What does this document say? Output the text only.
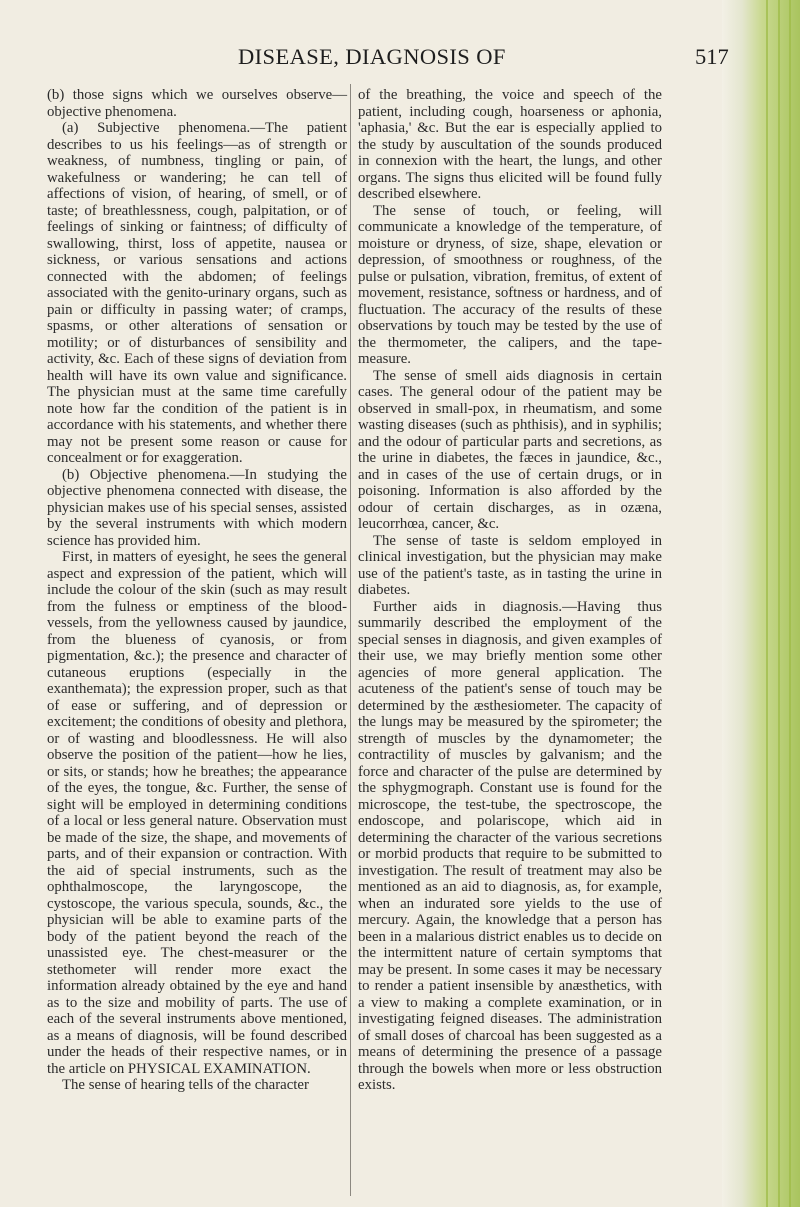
DISEASE, DIAGNOSIS OF	517

(b) those signs which we ourselves observe—objective phenomena.

(a) Subjective phenomena.—The patient describes to us his feelings—as of strength or weakness, of numbness, tingling or pain, of wakefulness or wandering; he can tell of affections of vision, of hearing, of smell, or of taste; of breathlessness, cough, palpitation, or of feelings of sinking or faintness; of difficulty of swallowing, thirst, loss of appetite, nausea or sickness, or various sensations and actions connected with the abdomen; of feelings associated with the genito-urinary organs, such as pain or difficulty in passing water; of cramps, spasms, or other alterations of sensation or motility; or of disturbances of sensibility and activity, &c. Each of these signs of deviation from health will have its own value and significance. The physician must at the same time carefully note how far the condition of the patient is in accordance with his statements, and whether there may not be present some reason or cause for concealment or for exaggeration.

(b) Objective phenomena.—In studying the objective phenomena connected with disease, the physician makes use of his special senses, assisted by the several instruments with which modern science has provided him.

First, in matters of eyesight, he sees the general aspect and expression of the patient, which will include the colour of the skin (such as may result from the fulness or emptiness of the blood-vessels, from the yellowness caused by jaundice, from the blueness of cyanosis, or from pigmentation, &c.); the presence and character of cutaneous eruptions (especially in the exanthemata); the expression proper, such as that of ease or suffering, and of depression or excitement; the conditions of obesity and plethora, or of wasting and bloodlessness. He will also observe the position of the patient—how he lies, or sits, or stands; how he breathes; the appearance of the eyes, the tongue, &c. Further, the sense of sight will be employed in determining conditions of a local or less general nature. Observation must be made of the size, the shape, and movements of parts, and of their expansion or contraction. With the aid of special instruments, such as the ophthalmoscope, the laryngoscope, the cystoscope, the various specula, sounds, &c., the physician will be able to examine parts of the body of the patient beyond the reach of the unassisted eye. The chest-measurer or the stethometer will render more exact the information already obtained by the eye and hand as to the size and mobility of parts. The use of each of the several instruments above mentioned, as a means of diagnosis, will be found described under the heads of their respective names, or in the article on PHYSICAL EXAMINATION.

The sense of hearing tells of the character

of the breathing, the voice and speech of the patient, including cough, hoarseness or aphonia, 'aphasia,' &c. But the ear is especially applied to the study by auscultation of the sounds produced in connexion with the heart, the lungs, and other organs. The signs thus elicited will be found fully described elsewhere.

The sense of touch, or feeling, will communicate a knowledge of the temperature, of moisture or dryness, of size, shape, elevation or depression, of smoothness or roughness, of the pulse or pulsation, vibration, fremitus, of extent of movement, resistance, softness or hardness, and of fluctuation. The accuracy of the results of these observations by touch may be tested by the use of the thermometer, the calipers, and the tape-measure.

The sense of smell aids diagnosis in certain cases. The general odour of the patient may be observed in small-pox, in rheumatism, and some wasting diseases (such as phthisis), and in syphilis; and the odour of particular parts and secretions, as the urine in diabetes, the fæces in jaundice, &c., and in cases of the use of certain drugs, or in poisoning. Information is also afforded by the odour of certain discharges, as in ozæna, leucorrhœa, cancer, &c.

The sense of taste is seldom employed in clinical investigation, but the physician may make use of the patient's taste, as in tasting the urine in diabetes.

Further aids in diagnosis.—Having thus summarily described the employment of the special senses in diagnosis, and given examples of their use, we may briefly mention some other agencies of more general application. The acuteness of the patient's sense of touch may be determined by the æsthesiometer. The capacity of the lungs may be measured by the spirometer; the strength of muscles by the dynamometer; the contractility of muscles by galvanism; and the force and character of the pulse are determined by the sphygmograph. Constant use is found for the microscope, the test-tube, the spectroscope, the endoscope, and polariscope, which aid in determining the character of the various secretions or morbid products that require to be submitted to investigation. The result of treatment may also be mentioned as an aid to diagnosis, as, for example, when an indurated sore yields to the use of mercury. Again, the knowledge that a person has been in a malarious district enables us to decide on the intermittent nature of certain symptoms that may be present. In some cases it may be necessary to render a patient insensible by anæsthetics, with a view to making a complete examination, or in investigating feigned diseases. The administration of small doses of charcoal has been suggested as a means of determining the presence of a passage through the bowels when more or less obstruction exists.
